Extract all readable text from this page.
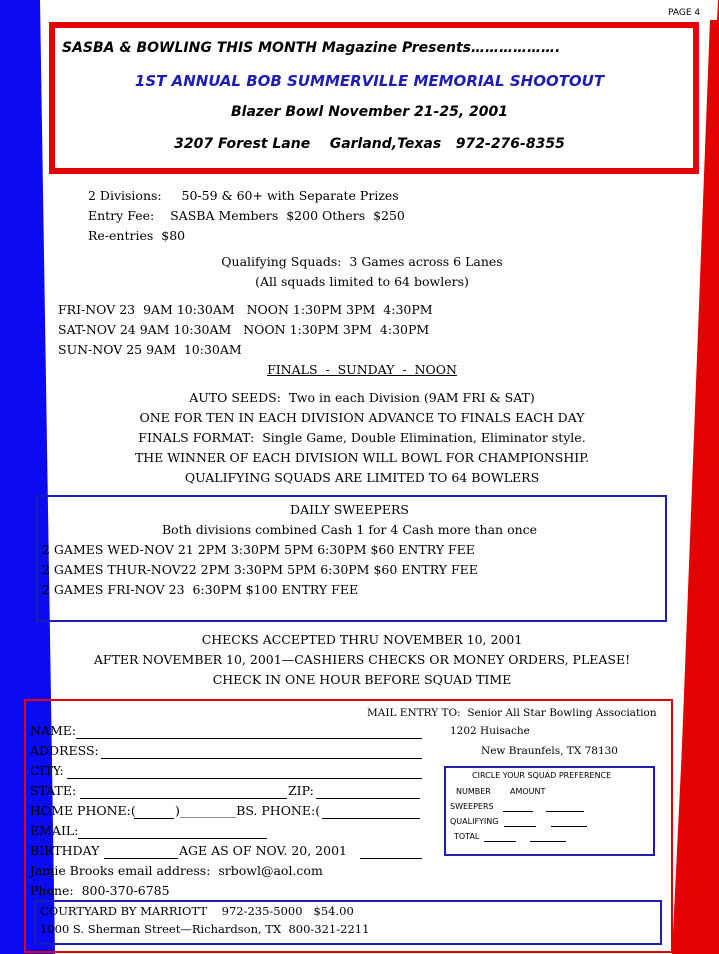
PAGE 4
SASBA & BOWLING THIS MONTH Magazine Presents……………….
1ST ANNUAL BOB SUMMERVILLE MEMORIAL SHOOTOUT
Blazer Bowl November 21-25, 2001
3207 Forest Lane    Garland,Texas   972-276-8355
2 Divisions:     50-59 & 60+ with Separate Prizes
Entry Fee:    SASBA Members  $200 Others  $250
Re-entries  $80
Qualifying Squads:  3 Games across 6 Lanes
(All squads limited to 64 bowlers)
FRI-NOV 23  9AM 10:30AM   NOON 1:30PM 3PM  4:30PM
SAT-NOV 24 9AM 10:30AM   NOON 1:30PM 3PM  4:30PM
SUN-NOV 25 9AM  10:30AM
FINALS  -  SUNDAY  -  NOON
AUTO SEEDS:  Two in each Division (9AM FRI & SAT)
ONE FOR TEN IN EACH DIVISION ADVANCE TO FINALS EACH DAY
FINALS FORMAT:  Single Game, Double Elimination, Eliminator style.
THE WINNER OF EACH DIVISION WILL BOWL FOR CHAMPIONSHIP.
QUALIFYING SQUADS ARE LIMITED TO 64 BOWLERS
DAILY SWEEPERS
Both divisions combined Cash 1 for 4 Cash more than once
2 GAMES WED-NOV 21 2PM 3:30PM 5PM 6:30PM $60 ENTRY FEE
2 GAMES THUR-NOV22 2PM 3:30PM 5PM 6:30PM $60 ENTRY FEE
2 GAMES FRI-NOV 23  6:30PM $100 ENTRY FEE
CHECKS ACCEPTED THRU NOVEMBER 10, 2001
AFTER NOVEMBER 10, 2001—CASHIERS CHECKS OR MONEY ORDERS, PLEASE!
CHECK IN ONE HOUR BEFORE SQUAD TIME
MAIL ENTRY TO:  Senior All Star Bowling Association
1202 Huisache
New Braunfels, TX 78130
NAME:
ADDRESS:
CITY:
STATE:	ZIP:
HOME PHONE:(	)_________BS. PHONE:(
EMAIL:
BIRTHDAY	AGE AS OF NOV. 20, 2001
Jamie Brooks email address:  srbowl@aol.com
Phone:  800-370-6785
CIRCLE YOUR SQUAD PREFERENCE
NUMBER AMOUNT
SWEEPERS
QUALIFYING
TOTAL
COURTYARD BY MARRIOTT    972-235-5000   $54.00
1000 S. Sherman Street—Richardson, TX  800-321-2211
